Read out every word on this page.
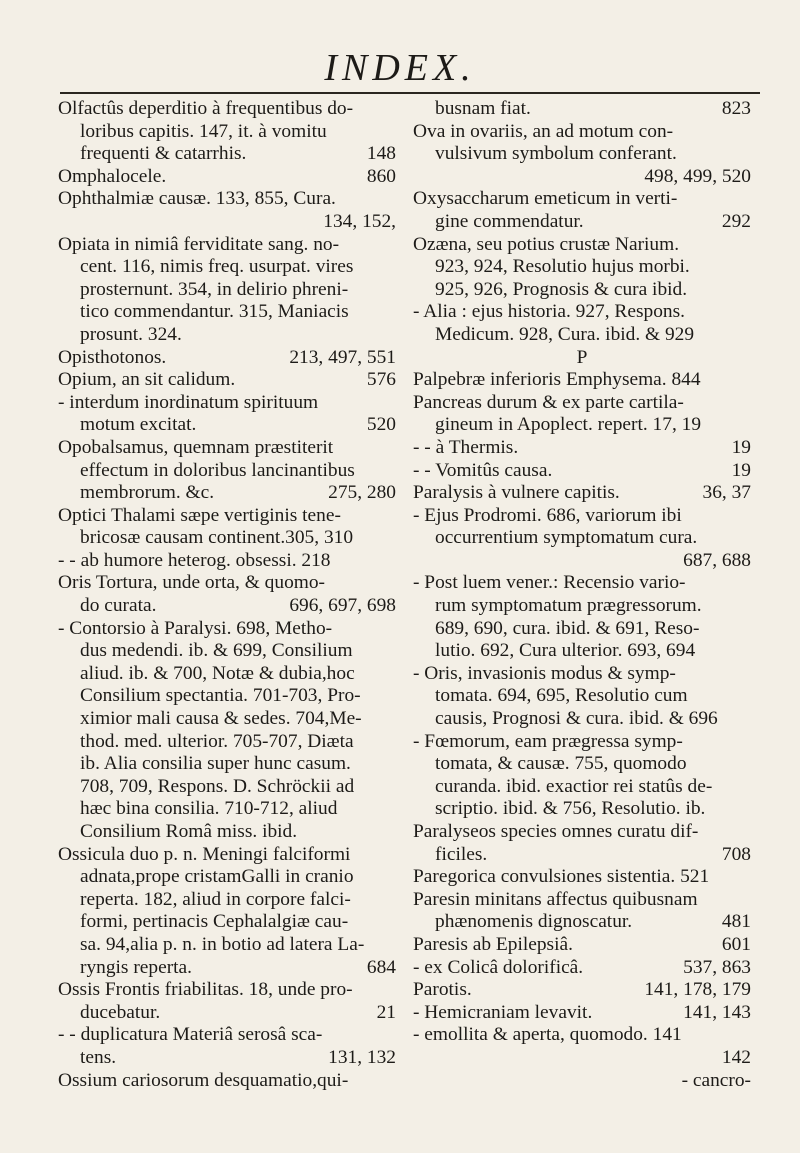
INDEX.
Olfactûs deperditio à frequentibus do-
loribus capitis. 147, it. à vomitu
148
frequenti & catarrhis.
860
Omphalocele.
Ophthalmiæ causæ. 133, 855, Cura.
134, 152,
Opiata in nimiâ ferviditate sang. no-
cent. 116, nimis freq. usurpat. vires
prosternunt. 354, in delirio phreni-
tico commendantur. 315, Maniacis
prosunt. 324.
213, 497, 551
Opisthotonos.
576
Opium, an sit calidum.
- interdum inordinatum spirituum
520
motum excitat.
Opobalsamus, quemnam præstiterit
effectum in doloribus lancinantibus
275, 280
membrorum. &c.
Optici Thalami sæpe vertiginis tene-
bricosæ causam continent.305, 310
- - ab humore heterog. obsessi. 218
Oris Tortura, unde orta, & quomo-
696, 697, 698
do curata.
- Contorsio à Paralysi. 698, Metho-
dus medendi. ib. & 699, Consilium
aliud. ib. & 700, Notæ & dubia,hoc
Consilium spectantia. 701-703, Pro-
ximior mali causa & sedes. 704,Me-
thod. med. ulterior. 705-707, Diæta
ib. Alia consilia super hunc casum.
708, 709, Respons. D. Schröckii ad
hæc bina consilia. 710-712, aliud
Consilium Româ miss. ibid.
Ossicula duo p. n. Meningi falciformi
adnata,prope cristamGalli in cranio
reperta. 182, aliud in corpore falci-
formi, pertinacis Cephalalgiæ cau-
sa. 94,alia p. n. in botio ad latera La-
684
ryngis reperta.
Ossis Frontis friabilitas. 18, unde pro-
21
ducebatur.
- - duplicatura Materiâ serosâ sca-
131, 132
tens.
Ossium cariosorum desquamatio,qui-
823
busnam fiat.
Ova in ovariis, an ad motum con-
vulsivum symbolum conferant.
498, 499, 520
Oxysaccharum emeticum in verti-
292
gine commendatur.
Ozæna, seu potius crustæ Narium.
923, 924, Resolutio hujus morbi.
925, 926, Prognosis & cura ibid.
- Alia : ejus historia. 927, Respons.
Medicum. 928, Cura. ibid. & 929
P
Palpebræ inferioris Emphysema. 844
Pancreas durum & ex parte cartila-
gineum in Apoplect. repert. 17, 19
19
- - à Thermis.
19
- - Vomitûs causa.
36, 37
Paralysis à vulnere capitis.
- Ejus Prodromi. 686, variorum ibi
occurrentium symptomatum cura.
687, 688
- Post luem vener.: Recensio vario-
rum symptomatum prægressorum.
689, 690, cura. ibid. & 691, Reso-
lutio. 692, Cura ulterior. 693, 694
- Oris, invasionis modus & symp-
tomata. 694, 695, Resolutio cum
causis, Prognosi & cura. ibid. & 696
- Fœmorum, eam prægressa symp-
tomata, & causæ. 755, quomodo
curanda. ibid. exactior rei statûs de-
scriptio. ibid. & 756, Resolutio. ib.
Paralyseos species omnes curatu dif-
708
ficiles.
Paregorica convulsiones sistentia. 521
Paresin minitans affectus quibusnam
481
phænomenis dignoscatur.
601
Paresis ab Epilepsiâ.
537, 863
- ex Colicâ dolorificâ.
141, 178, 179
Parotis.
141, 143
- Hemicraniam levavit.
- emollita & aperta, quomodo. 141
142
- cancro-
